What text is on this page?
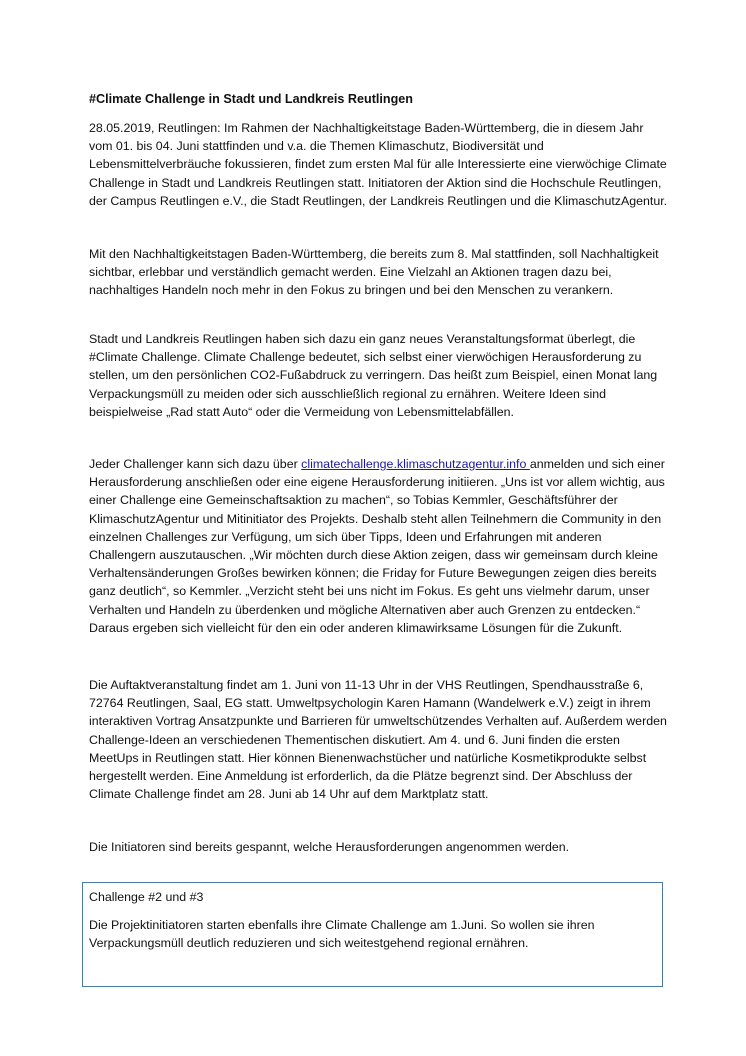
#Climate Challenge in Stadt und Landkreis Reutlingen

28.05.2019, Reutlingen: Im Rahmen der Nachhaltigkeitstage Baden-Württemberg, die in diesem Jahr vom 01. bis 04. Juni stattfinden und v.a. die Themen Klimaschutz, Biodiversität und Lebensmittelverbräuche fokussieren, findet zum ersten Mal für alle Interessierte eine vierwöchige Climate Challenge in Stadt und Landkreis Reutlingen statt. Initiatoren der Aktion sind die Hochschule Reutlingen, der Campus Reutlingen e.V., die Stadt Reutlingen, der Landkreis Reutlingen und die KlimaschutzAgentur.

Mit den Nachhaltigkeitstagen Baden-Württemberg, die bereits zum 8. Mal stattfinden, soll Nachhaltigkeit sichtbar, erlebbar und verständlich gemacht werden. Eine Vielzahl an Aktionen tragen dazu bei, nachhaltiges Handeln noch mehr in den Fokus zu bringen und bei den Menschen zu verankern.

Stadt und Landkreis Reutlingen haben sich dazu ein ganz neues Veranstaltungsformat überlegt, die #Climate Challenge. Climate Challenge bedeutet, sich selbst einer vierwöchigen Herausforderung zu stellen, um den persönlichen CO2-Fußabdruck zu verringern. Das heißt zum Beispiel, einen Monat lang Verpackungsmüll zu meiden oder sich ausschließlich regional zu ernähren. Weitere Ideen sind beispielweise „Rad statt Auto“ oder die Vermeidung von Lebensmittelabfällen.

Jeder Challenger kann sich dazu über climatechallenge.klimaschutzagentur.info anmelden und sich einer Herausforderung anschließen oder eine eigene Herausforderung initiieren. „Uns ist vor allem wichtig, aus einer Challenge eine Gemeinschaftsaktion zu machen“, so Tobias Kemmler, Geschäftsführer der KlimaschutzAgentur und Mitinitiator des Projekts. Deshalb steht allen Teilnehmern die Community in den einzelnen Challenges zur Verfügung, um sich über Tipps, Ideen und Erfahrungen mit anderen Challengern auszutauschen. „Wir möchten durch diese Aktion zeigen, dass wir gemeinsam durch kleine Verhaltensänderungen Großes bewirken können; die Friday for Future Bewegungen zeigen dies bereits ganz deutlich“, so Kemmler. „Verzicht steht bei uns nicht im Fokus. Es geht uns vielmehr darum, unser Verhalten und Handeln zu überdenken und mögliche Alternativen aber auch Grenzen zu entdecken.“ Daraus ergeben sich vielleicht für den ein oder anderen klimawirksame Lösungen für die Zukunft.

Die Auftaktveranstaltung findet am 1. Juni von 11-13 Uhr in der VHS Reutlingen, Spendhausstraße 6, 72764 Reutlingen, Saal, EG statt. Umweltpsychologin Karen Hamann (Wandelwerk e.V.) zeigt in ihrem interaktiven Vortrag Ansatzpunkte und Barrieren für umweltschützendes Verhalten auf. Außerdem werden Challenge-Ideen an verschiedenen Thementischen diskutiert. Am 4. und 6. Juni finden die ersten MeetUps in Reutlingen statt. Hier können Bienenwachstücher und natürliche Kosmetikprodukte selbst hergestellt werden. Eine Anmeldung ist erforderlich, da die Plätze begrenzt sind. Der Abschluss der Climate Challenge findet am 28. Juni ab 14 Uhr auf dem Marktplatz statt.

Die Initiatoren sind bereits gespannt, welche Herausforderungen angenommen werden.

Challenge #2 und #3

Die Projektinitiatoren starten ebenfalls ihre Climate Challenge am 1.Juni. So wollen sie ihren Verpackungsmüll deutlich reduzieren und sich weitestgehend regional ernähren.
